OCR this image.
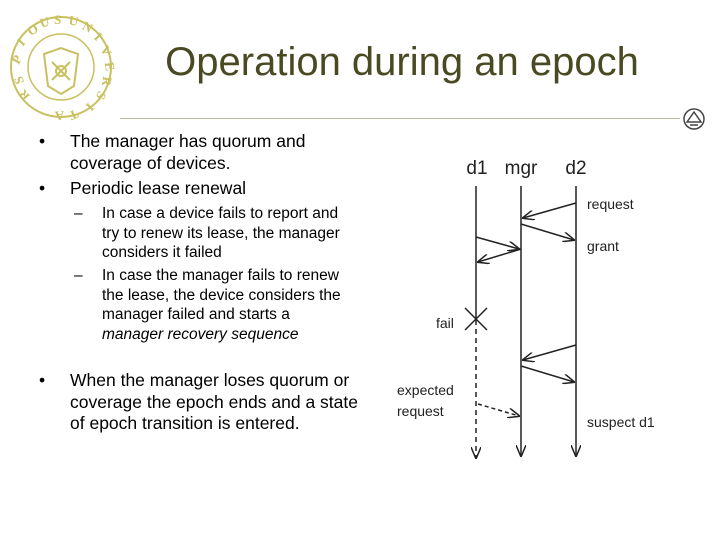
P
I
O
U S U N
I
V
E
R
S
I
T
A
S
R
Operation during an epoch
• The manager has quorum and coverage of devices.
• Periodic lease renewal
– In case a device fails to report and try to renew its lease, the manager considers it failed
– In case the manager fails to renew the lease, the device considers the manager failed and starts a manager recovery sequence
• When the manager loses quorum or coverage the epoch ends and a state of epoch transition is entered.
d1 mgr d2
request
grant
fail
expected
request
suspect d1
